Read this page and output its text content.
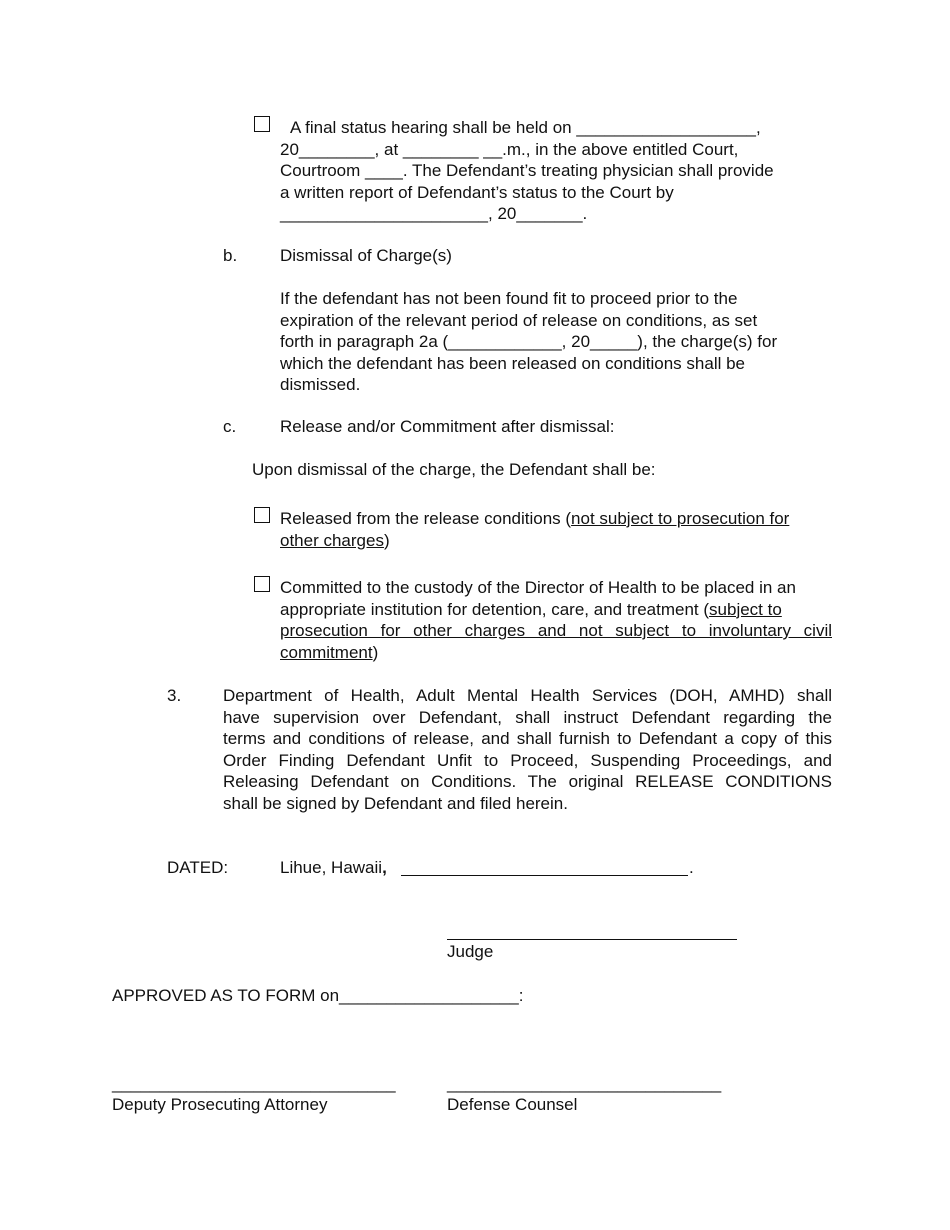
A final status hearing shall be held on ___________________,
20________, at ________ __.m., in the above entitled Court,
Courtroom ____. The Defendant’s treating physician shall provide
a written report of Defendant’s status to the Court by
______________________, 20_______.
b.	Dismissal of Charge(s)
If the defendant has not been found fit to proceed prior to the
expiration of the relevant period of release on conditions, as set
forth in paragraph 2a (____________, 20_____), the charge(s) for
which the defendant has been released on conditions shall be
dismissed.
c.	Release and/or Commitment after dismissal:
Upon dismissal of the charge, the Defendant shall be:
Released from the release conditions (not subject to prosecution for
other charges)
Committed to the custody of the Director of Health to be placed in an
appropriate institution for detention, care, and treatment (subject to
prosecution for other charges and not subject to involuntary civil
commitment)
3. Department of Health, Adult Mental Health Services (DOH, AMHD) shall
have supervision over Defendant, shall instruct Defendant regarding the
terms and conditions of release, and shall furnish to Defendant a copy of this
Order Finding Defendant Unfit to Proceed, Suspending Proceedings, and
Releasing Defendant on Conditions. The original RELEASE CONDITIONS
shall be signed by Defendant and filed herein.
DATED:	Lihue, Hawaii,	.
Judge
APPROVED AS TO FORM on___________________:
______________________________	_____________________________
Deputy Prosecuting Attorney	Defense Counsel
